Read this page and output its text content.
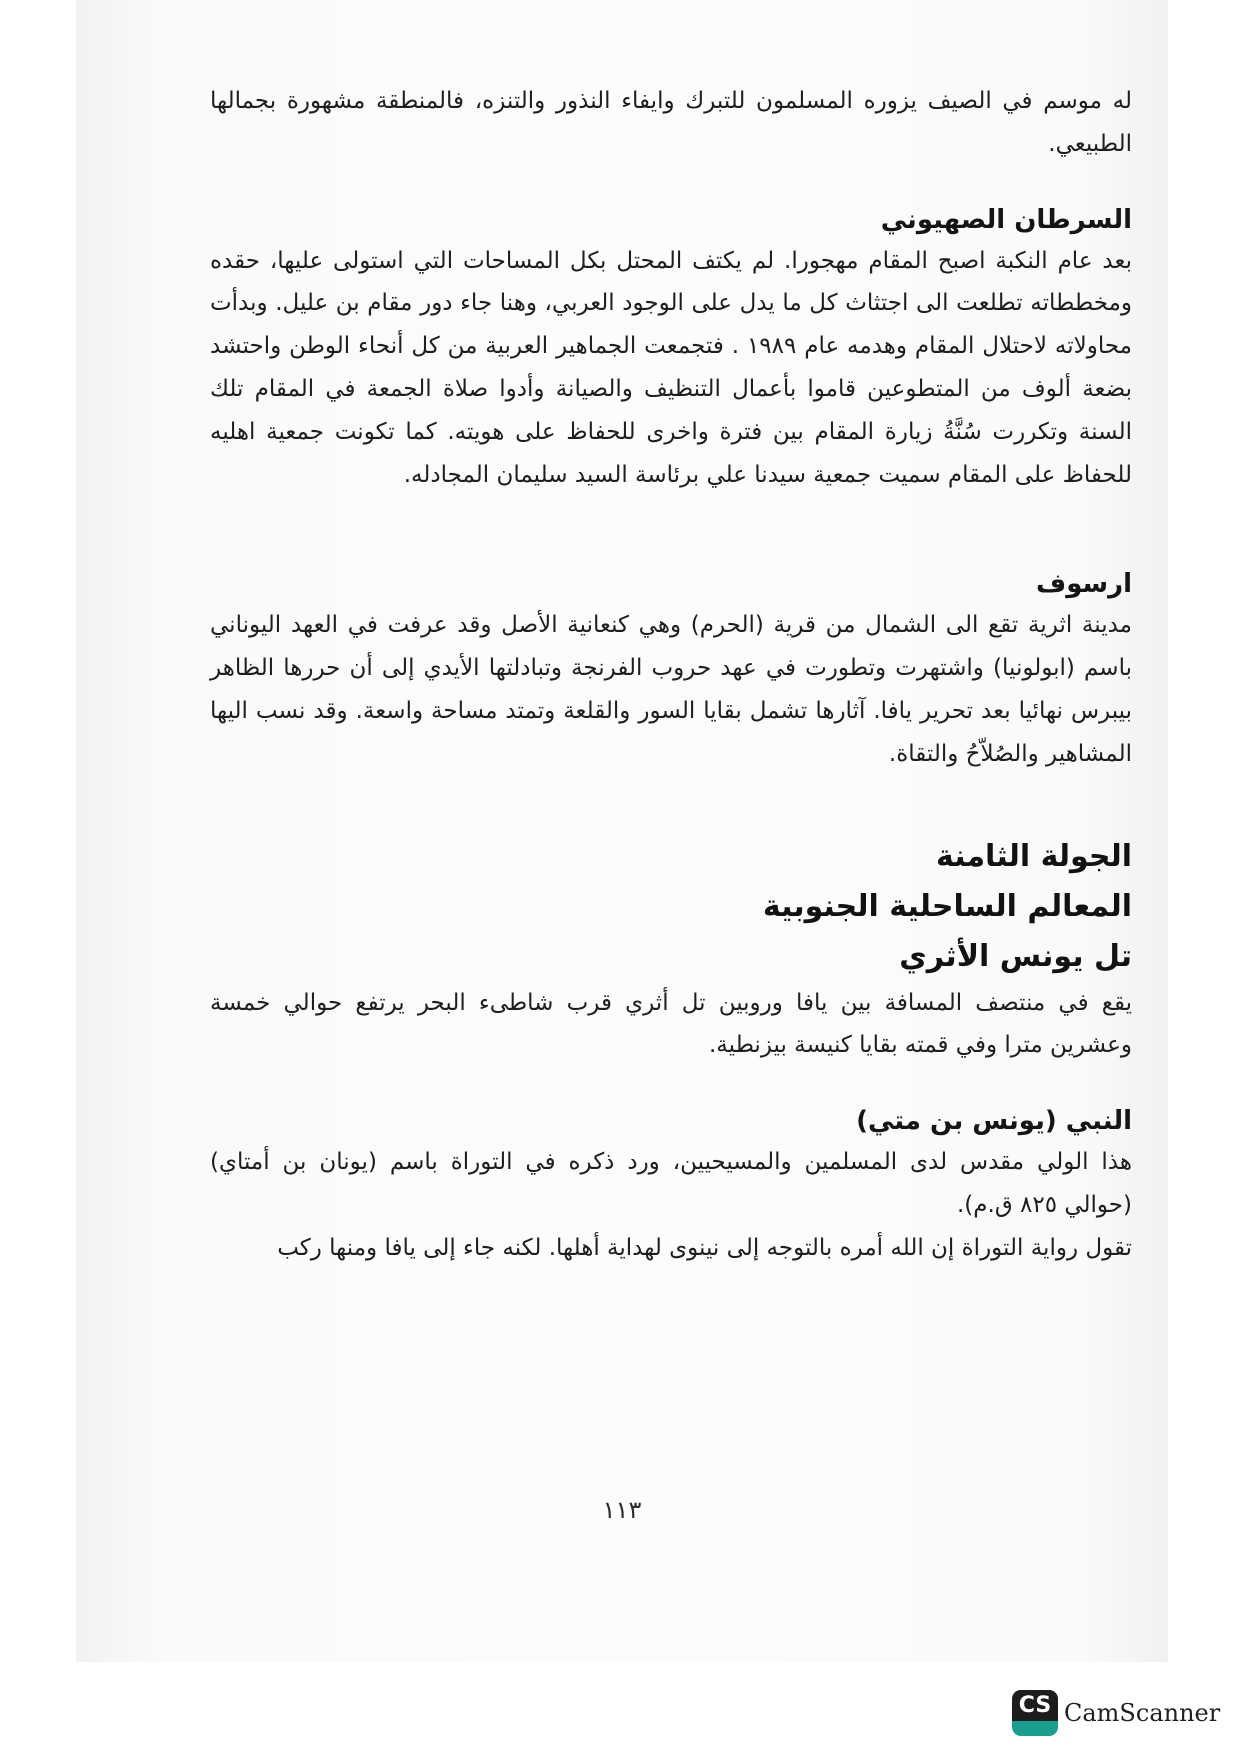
له موسم في الصيف يزوره المسلمون للتبرك وايفاء النذور والتنزه، فالمنطقة مشهورة بجمالها الطبيعي.

السرطان الصهيوني

بعد عام النكبة اصبح المقام مهجورا. لم يكتف المحتل بكل المساحات التي استولى عليها، حقده ومخططاته تطلعت الى اجتثاث كل ما يدل على الوجود العربي، وهنا جاء دور مقام بن عليل. وبدأت محاولاته لاحتلال المقام وهدمه عام ١٩٨٩ . فتجمعت الجماهير العربية من كل أنحاء الوطن واحتشد بضعة ألوف من المتطوعين قاموا بأعمال التنظيف والصيانة وأدوا صلاة الجمعة في المقام تلك السنة وتكررت سُنَّةُ زيارة المقام بين فترة واخرى للحفاظ على هويته. كما تكونت جمعية اهليه للحفاظ على المقام سميت جمعية سيدنا علي برئاسة السيد سليمان المجادله.

ارسوف

مدينة اثرية تقع الى الشمال من قرية (الحرم) وهي كنعانية الأصل وقد عرفت في العهد اليوناني باسم (ابولونيا) واشتهرت وتطورت في عهد حروب الفرنجة وتبادلتها الأيدي إلى أن حررها الظاهر بيبرس نهائيا بعد تحرير يافا. آثارها تشمل بقايا السور والقلعة وتمتد مساحة واسعة. وقد نسب اليها المشاهير والصُلاّحُ والتقاة.

الجولة الثامنة
المعالم الساحلية الجنوبية
تل يونس الأثري

يقع في منتصف المسافة بين يافا وروبين تل أثري قرب شاطىء البحر يرتفع حوالي خمسة وعشرين مترا وفي قمته بقايا كنيسة بيزنطية.

النبي (يونس بن متي)

هذا الولي مقدس لدى المسلمين والمسيحيين، ورد ذكره في التوراة باسم (يونان بن أمتاي) (حوالي ٨٢٥ ق.م).

تقول رواية التوراة إن الله أمره بالتوجه إلى نينوى لهداية أهلها. لكنه جاء إلى يافا ومنها ركب

١١٣
CS CamScanner
